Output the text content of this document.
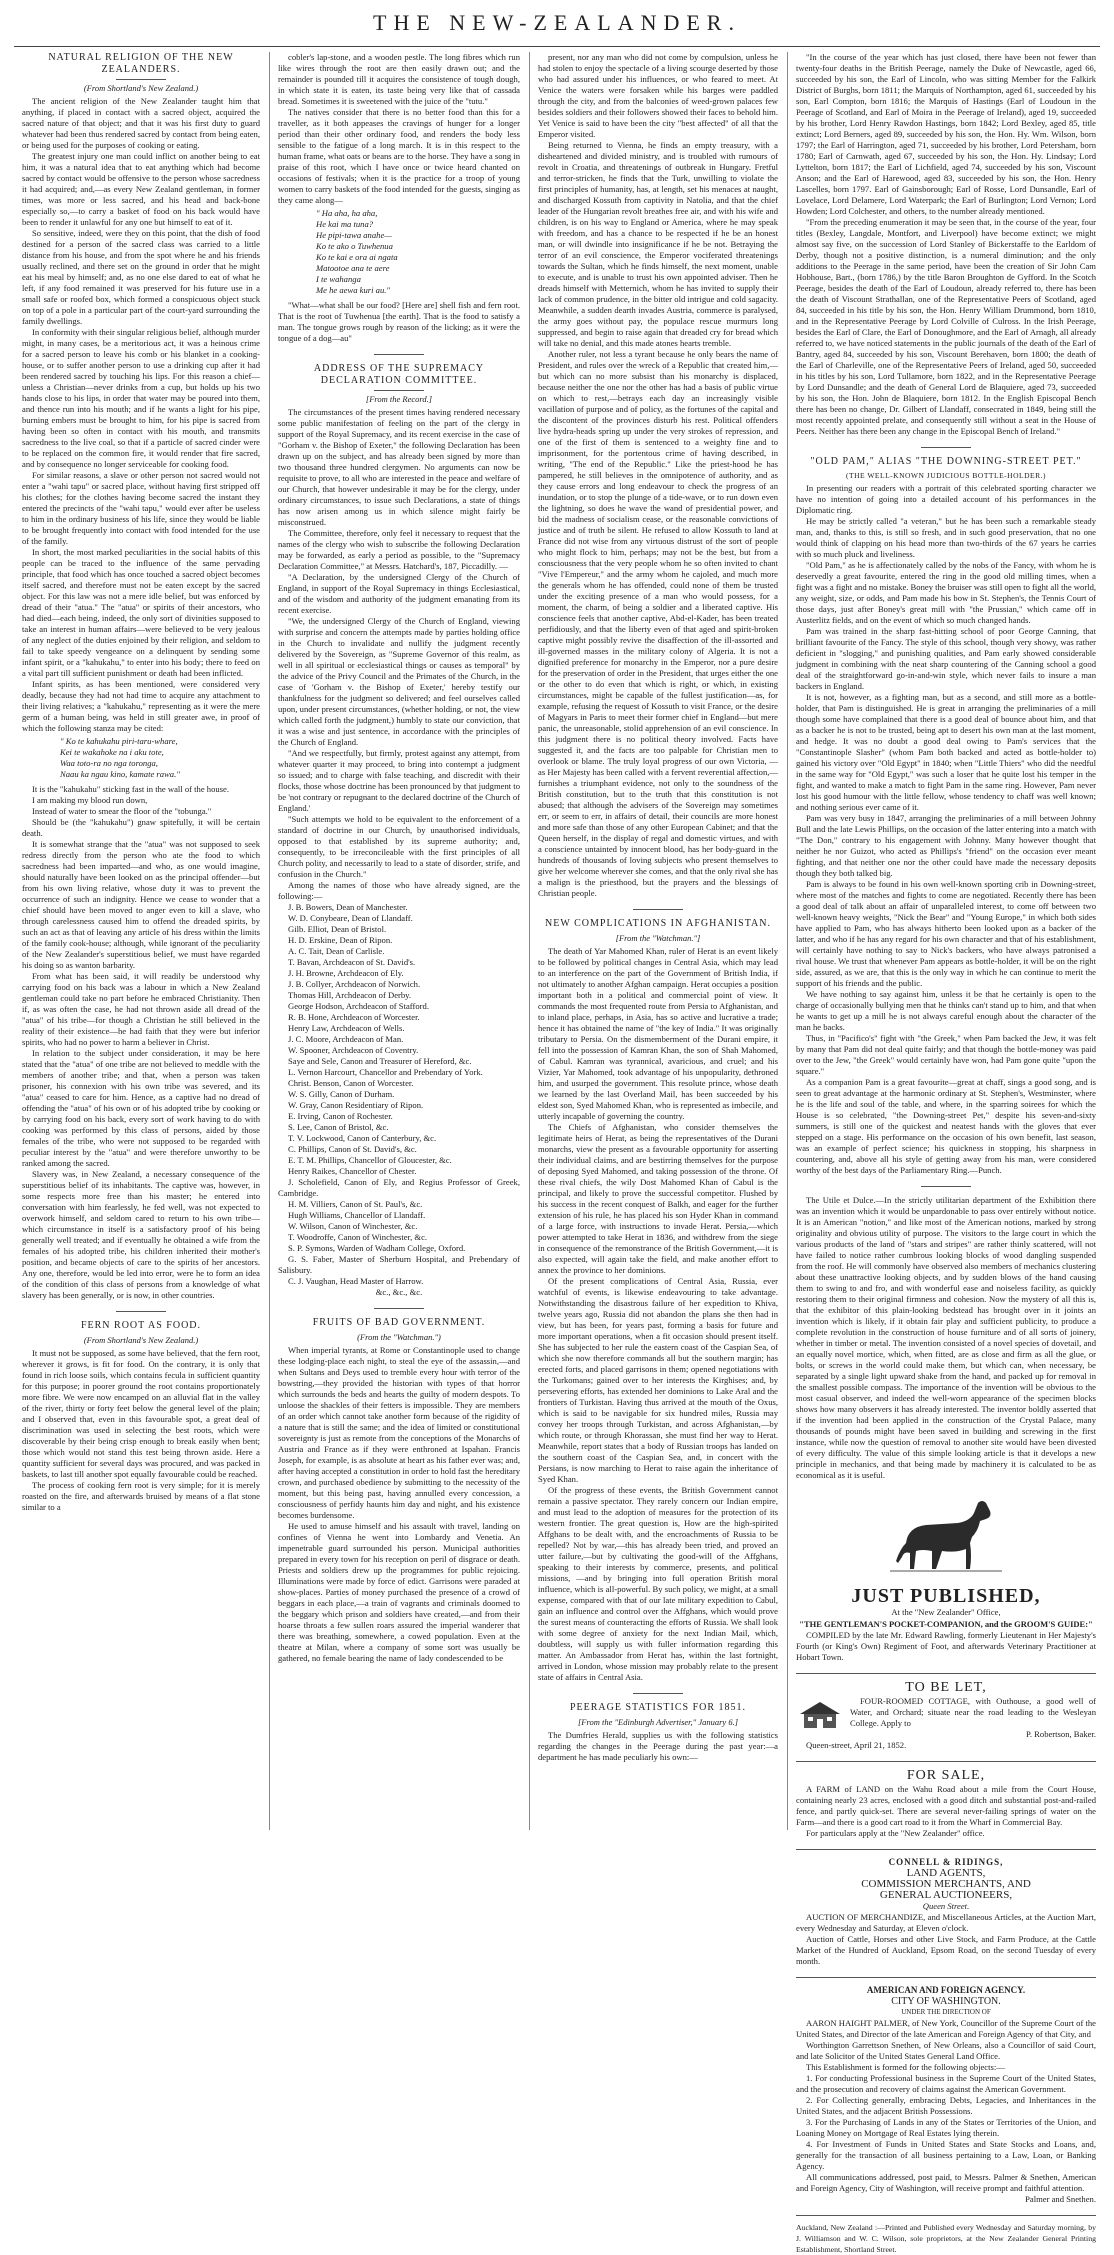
THE NEW-ZEALANDER.
NATURAL RELIGION OF THE NEW ZEALANDERS.
(From Shortland's New Zealand.)
The ancient religion of the New Zealander taught him that anything, if placed in contact with a sacred object, acquired the sacred nature of that object; and that it was his first duty to guard whatever had been thus rendered sacred by contact from being eaten, or being used for the purposes of cooking or eating.
The greatest injury one man could inflict on another being to eat him, it was a natural idea that to eat anything which had become sacred by contact would be offensive to the person whose sacredness it had acquired; and,—as every New Zealand gentleman, in former times, was more or less sacred, and his head and back-bone especially so,—to carry a basket of food on his back would have been to render it unlawful for any one but himself to eat of it.
So sensitive, indeed, were they on this point, that the dish of food destined for a person of the sacred class was carried to a little distance from his house, and from the spot where he and his friends usually reclined, and there set on the ground in order that he might eat his meal by himself; and, as no one else dared to eat of what he left, if any food remained it was preserved for his future use in a small safe or roofed box, which formed a conspicuous object stuck on top of a pole in a particular part of the court-yard surrounding the family dwellings.
In conformity with their singular religious belief, although murder might, in many cases, be a meritorious act, it was a heinous crime for a sacred person to leave his comb or his blanket in a cooking-house, or to suffer another person to use a drinking cup after it had been rendered sacred by touching his lips. For this reason a chief—unless a Christian—never drinks from a cup, but holds up his two hands close to his lips, in order that water may be poured into them, and thence run into his mouth; and if he wants a light for his pipe, burning embers must be brought to him, for his pipe is sacred from having been so often in contact with his mouth, and transmits sacredness to the live coal, so that if a particle of sacred cinder were to be replaced on the common fire, it would render that fire sacred, and by consequence no longer serviceable for cooking food.
For similar reasons, a slave or other person not sacred would not enter a "wahi tapu" or sacred place, without having first stripped off his clothes; for the clothes having become sacred the instant they entered the precincts of the "wahi tapu," would ever after be useless to him in the ordinary business of his life, since they would be liable to be brought frequently into contact with food intended for the use of the family.
In short, the most marked peculiarities in the social habits of this people can be traced to the influence of the same pervading principle, that food which has once touched a sacred object becomes itself sacred, and therefore must not be eaten except by the sacred object. For this law was not a mere idle belief, but was enforced by dread of their "atua." The "atua" or spirits of their ancestors, who had died—each being, indeed, the only sort of divinities supposed to take an interest in human affairs—were believed to be very jealous of any neglect of the duties enjoined by their religion, and seldom to fail to take speedy vengeance on a delinquent by sending some infant spirit, or a "kahukahu," to enter into his body; there to feed on a vital part till sufficient punishment or death had been inflicted.
Infant spirits, as has been mentioned, were considered very deadly, because they had not had time to acquire any attachment to their living relatives; a "kahukahu," representing as it were the mere germ of a human being, was held in still greater awe, in proof of which the following stanza may be cited:
" Ko te kahukahu piri-taru-whare,
Kei te wakahoke na i aku tote,
Waa toto-ra no nga toronga,
Naau ka ngau kino, kamate rawa."
It is the "kahukahu" sticking fast in the wall of the house.
I am making my blood run down,
Instead of water to smear the floor of the "tobunga."
Should be (the "kahukahu") gnaw spitefully, it will be certain death.
It is somewhat strange that the "atua" was not supposed to seek redress directly from the person who ate the food to which sacredness had been imparted—and who, as one would imagine, should naturally have been looked on as the principal offender—but from his own living relative, whose duty it was to prevent the occurrence of such an indignity. Hence we cease to wonder that a chief should have been moved to anger even to kill a slave, who through carelessness caused him to offend the dreaded spirits, by such an act as that of leaving any article of his dress within the limits of the family cook-house; although, while ignorant of the peculiarity of the New Zealander's superstitious belief, we must have regarded his doing so as wanton barbarity.
From what has been said, it will readily be understood why carrying food on his back was a labour in which a New Zealand gentleman could take no part before he embraced Christianity. Then if, as was often the case, he had not thrown aside all dread of the "atua" of his tribe—for though a Christian he still believed in the reality of their existence—he had faith that they were but inferior spirits, who had no power to harm a believer in Christ.
In relation to the subject under consideration, it may be here stated that the "atua" of one tribe are not believed to meddle with the members of another tribe; and that, when a person was taken prisoner, his connexion with his own tribe was severed, and its "atua" ceased to care for him. Hence, as a captive had no dread of offending the "atua" of his own or of his adopted tribe by cooking or by carrying food on his back, every sort of work having to do with cooking was performed by this class of persons, aided by those females of the tribe, who were not supposed to be regarded with peculiar interest by the "atua" and were therefore unworthy to be ranked among the sacred.
Slavery was, in New Zealand, a necessary consequence of the superstitious belief of its inhabitants. The captive was, however, in some respects more free than his master; he entered into conversation with him fearlessly, he fed well, was not expected to overwork himself, and seldom cared to return to his own tribe—which circumstance in itself is a satisfactory proof of his being generally well treated; and if eventually he obtained a wife from the females of his adopted tribe, his children inherited their mother's position, and became objects of care to the spirits of her ancestors. Any one, therefore, would be led into error, were he to form an idea of the condition of this class of persons from a knowledge of what slavery has been generally, or is now, in other countries.
FERN ROOT AS FOOD.
(From Shortland's New Zealand.)
It must not be supposed, as some have believed, that the fern root, wherever it grows, is fit for food. On the contrary, it is only that found in rich loose soils, which contains fecula in sufficient quantity for this purpose; in poorer ground the root contains proportionately more fibre. We were now encamped on an alluvial flat in the valley of the river, thirty or forty feet below the general level of the plain; and I observed that, even in this favourable spot, a great deal of discrimination was used in selecting the best roots, which were discoverable by their being crisp enough to break easily when bent; those which would not stand this test being thrown aside. Here a quantity sufficient for several days was procured, and was packed in baskets, to last till another spot equally favourable could be reached.
The process of cooking fern root is very simple; for it is merely roasted on the fire, and afterwards bruised by means of a flat stone similar to a
cobler's lap-stone, and a wooden pestle. The long fibres which run like wires through the root are then easily drawn out; and the remainder is pounded till it acquires the consistence of tough dough, in which state it is eaten, its taste being very like that of cassada bread. Sometimes it is sweetened with the juice of the "tutu."
The natives consider that there is no better food than this for a traveller, as it both appeases the cravings of hunger for a longer period than their other ordinary food, and renders the body less sensible to the fatigue of a long march. It is in this respect to the human frame, what oats or beans are to the horse. They have a song in praise of this root, which I have once or twice heard chanted on occasions of festivals; when it is the practice for a troop of young women to carry baskets of the food intended for the guests, singing as they came along—
" Ha aha, ha aha,
He kai ma tuna?
He pipi-tawa anahe—
Ko te ako o Tuwhenua
Ko te kai e ora ai ngata
Matootoe ana te aere
I te wahanga
Me he aewa kuri au."
"What—what shall be our food? [Here are] shell fish and fern root. That is the root of Tuwhenua [the earth]. That is the food to satisfy a man. The tongue grows rough by reason of the licking; as it were the tongue of a dog—au"
ADDRESS OF THE SUPREMACY DECLARATION COMMITTEE.
[From the Record.]
The circumstances of the present times having rendered necessary some public manifestation of feeling on the part of the clergy in support of the Royal Supremacy, and its recent exercise in the case of "Gorham v. the Bishop of Exeter," the following Declaration has been drawn up on the subject, and has already been signed by more than two thousand three hundred clergymen. No arguments can now be requisite to prove, to all who are interested in the peace and welfare of our Church, that however undesirable it may be for the clergy, under ordinary circumstances, to issue such Declarations, a state of things has now arisen among us in which silence might fairly be misconstrued.
The Committee, therefore, only feel it necessary to request that the names of the clergy who wish to subscribe the following Declaration may be forwarded, as early a period as possible, to the "Supremacy Declaration Committee," at Messrs. Hatchard's, 187, Piccadilly. —
"A Declaration, by the undersigned Clergy of the Church of England, in support of the Royal Supremacy in things Ecclesiastical, and of the wisdom and authority of the judgment emanating from its recent exercise.
"We, the undersigned Clergy of the Church of England, viewing with surprise and concern the attempts made by parties holding office in the Church to invalidate and nullify the judgment recently delivered by the Sovereign, as "Supreme Governor of this realm, as well in all spiritual or ecclesiastical things or causes as temporal" by the advice of the Privy Council and the Primates of the Church, in the case of 'Gorham v. the Bishop of Exeter,' hereby testify our thankfulness for the judgment so delivered; and feel ourselves called upon, under present circumstances, (whether holding, or not, the view which called forth the judgment,) humbly to state our conviction, that it was a wise and just sentence, in accordance with the principles of the Church of England.
"And we respectfully, but firmly, protest against any attempt, from whatever quarter it may proceed, to bring into contempt a judgment so issued; and to charge with false teaching, and discredit with their flocks, those whose doctrine has been pronounced by that judgment to be 'not contrary or repugnant to the declared doctrine of the Church of England.'
"Such attempts we hold to be equivalent to the enforcement of a standard of doctrine in our Church, by unauthorised individuals, opposed to that established by its supreme authority; and, consequently, to be irreconcileable with the first principles of all Church polity, and necessarily to lead to a state of disorder, strife, and confusion in the Church."
Among the names of those who have already signed, are the following:—
J. B. Bowers, Dean of Manchester.
W. D. Conybeare, Dean of Llandaff.
Gilb. Elliot, Dean of Bristol.
H. D. Erskine, Dean of Ripon.
A. C. Tait, Dean of Carlisle.
T. Bavan, Archdeacon of St. David's.
J. H. Browne, Archdeacon of Ely.
J. B. Collyer, Archdeacon of Norwich.
Thomas Hill, Archdeacon of Derby.
George Hodson, Archdeacon of Stafford.
R. B. Hone, Archdeacon of Worcester.
Henry Law, Archdeacon of Wells.
J. C. Moore, Archdeacon of Man.
W. Spooner, Archdeacon of Coventry.
Saye and Sele, Canon and Treasurer of Hereford, &c.
L. Vernon Harcourt, Chancellor and Prebendary of York.
Christ. Benson, Canon of Worcester.
W. S. Gilly, Canon of Durham.
W. Gray, Canon Residentiary of Ripon.
E. Irving, Canon of Rochester.
S. Lee, Canon of Bristol, &c.
T. V. Lockwood, Canon of Canterbury, &c.
C. Phillips, Canon of St. David's, &c.
E. T. M. Phillips, Chancellor of Gloucester, &c.
Henry Raikes, Chancellor of Chester.
J. Scholefield, Canon of Ely, and Regius Professor of Greek, Cambridge.
H. M. Villiers, Canon of St. Paul's, &c.
Hugh Williams, Chancellor of Llandaff.
W. Wilson, Canon of Winchester, &c.
T. Woodroffe, Canon of Winchester, &c.
S. P. Symons, Warden of Wadham College, Oxford.
G. S. Faber, Master of Sherburn Hospital, and Prebendary of Salisbury.
C. J. Vaughan, Head Master of Harrow.
&c., &c., &c.
FRUITS OF BAD GOVERNMENT.
(From the "Watchman.")
When imperial tyrants, at Rome or Constantinople used to change these lodging-place each night, to steal the eye of the assassin,—and when Sultans and Deys used to tremble every hour with terror of the bowstring,—they provided the historian with types of that horror which surrounds the beds and hearts the guilty of modern despots. To unloose the shackles of their fetters is impossible. They are members of an order which cannot take another form because of the rigidity of a nature that is still the same; and the idea of limited or constitutional sovereignty is just as remote from the conceptions of the Monarchs of Austria and France as if they were enthroned at Ispahan. Francis Joseph, for example, is as absolute at heart as his father ever was; and, after having accepted a constitution in order to hold fast the hereditary crown, and purchased obedience by submitting to the necessity of the moment, but this being past, having annulled every concession, a consciousness of perfidy haunts him day and night, and his existence becomes burdensome.
He used to amuse himself and his assault with travel, landing on confines of Vienna he went into Lombardy and Venetia. An impenetrable guard surrounded his person. Municipal authorities prepared in every town for his reception on peril of disgrace or death. Priests and soldiers drew up the programmes for public rejoicing. Illuminations were made by force of edict. Garrisons were paraded at show-places. Parties of money purchased the presence of a crowd of beggars in each place,—a train of vagrants and criminals doomed to the beggary which prison and soldiers have created,—and from their hoarse throats a few sullen roars assured the imperial wanderer that there was breathing, somewhere, a cowed population. Even at the theatre at Milan, where a company of some sort was usually be gathered, no female bearing the name of lady condescended to be
present, nor any man who did not come by compulsion, unless he had stolen to enjoy the spectacle of a living scourge deserted by those who had assured under his influences, or who feared to meet. At Venice the waters were forsaken while his barges were paddled through the city, and from the balconies of weed-grown palaces few besides soldiers and their followers showed their faces to behold him. Yet Venice is said to have been the city "best affected" of all that the Emperor visited.
Being returned to Vienna, he finds an empty treasury, with a disheartened and divided ministry, and is troubled with rumours of revolt in Croatia, and threatenings of outbreak in Hungary. Fretful and terror-stricken, he finds that the Turk, unwilling to violate the first principles of humanity, has, at length, set his menaces at naught, and discharged Kossuth from captivity in Natolia, and that the chief leader of the Hungarian revolt breathes free air, and with his wife and children, is on his way to England or America, where he may speak with freedom, and has a chance to be respected if he be an honest man, or will dwindle into insignificance if he be not. Betraying the terror of an evil conscience, the Emperor vociferated threatenings towards the Sultan, which he finds himself, the next moment, unable to execute, and is unable to trust his own appointed adviser. Then he dreads himself with Metternich, whom he has invited to supply their lack of common prudence, in the bitter old intrigue and cold sagacity. Meanwhile, a sudden dearth invades Austria, commerce is paralysed, the army goes without pay, the populace rescue murmurs long suppressed, and begin to raise again that dreaded cry for bread which will take no denial, and this made atones hearts tremble.
Another ruler, not less a tyrant because he only bears the name of President, and rules over the wreck of a Republic that created him,—but which can no more subsist than his monarchy is displaced, because neither the one nor the other has had a basis of public virtue on which to rest,—betrays each day an increasingly visible vacillation of purpose and of policy, as the fortunes of the capital and the discontent of the provinces disturb his rest. Political offenders live hydra-heads spring up under the very strokes of repression, and one of the first of them is sentenced to a weighty fine and to imprisonment, for the portentous crime of having described, in writing, "The end of the Republic." Like the priest-hood he has pampered, he still believes in the omnipotence of authority, and as they cause errors and long endeavour to check the progress of an inundation, or to stop the plunge of a tide-wave, or to run down even the lightning, so does he wave the wand of presidential power, and bid the madness of socialism cease, or the reasonable convictions of justice and of truth be silent. He refused to allow Kossuth to land at France did not wise from any virtuous distrust of the sort of people who might flock to him, perhaps; may not be the best, but from a consciousness that the very people whom he so often invited to chant "Vive l'Empereur," and the army whom he cajoled, and much more the generals whom he has offended, could none of them be trusted under the exciting presence of a man who would possess, for a moment, the charm, of being a soldier and a liberated captive. His conscience feels that another captive, Abd-el-Kader, has been treated perfidiously, and that the liberty even of that aged and spirit-broken captive might possibly revive the disaffection of the ill-assorted and ill-governed masses in the military colony of Algeria. It is not a dignified preference for monarchy in the Emperor, nor a pure desire for the preservation of order in the President, that urges either the one or the other to do even that which is right, or which, in existing circumstances, might be capable of the fullest justification—as, for example, refusing the request of Kossuth to visit France, or the desire of Magyars in Paris to meet their former chief in England—but mere panic, the unreasonable, stolid apprehension of an evil conscience. In this judgment there is no political theory involved. Facts have suggested it, and the facts are too palpable for Christian men to overlook or blame. The truly loyal progress of our own Victoria, — as Her Majesty has been called with a fervent reverential affection,—furnishes a triumphant evidence, not only to the soundness of the British constitution, but to the truth that this constitution is not abused; that although the advisers of the Sovereign may sometimes err, or seem to err, in affairs of detail, their councils are more honest and more safe than those of any other European Cabinet; and that the Queen herself, in the display of regal and domestic virtues, and with a conscience untainted by innocent blood, has her body-guard in the hundreds of thousands of loving subjects who present themselves to give her welcome wherever she comes, and that the only rival she has a malign is the priesthood, but the prayers and the blessings of Christian people.
NEW COMPLICATIONS IN AFGHANISTAN.
[From the "Watchman."]
The death of Yar Mahomed Khan, ruler of Herat is an event likely to be followed by political changes in Central Asia, which may lead to an interference on the part of the Government of British India, if not ultimately to another Afghan campaign. Herat occupies a position important both in a political and commercial point of view. It commands the most frequented route from Persia to Afghanistan, and to inland place, perhaps, in Asia, has so active and lucrative a trade; hence it has obtained the name of "the key of India." It was originally tributary to Persia. On the dismemberment of the Durani empire, it fell into the possession of Kamran Khan, the son of Shah Mahomed, of Cabul. Kamran was tyrannical, avaricious, and cruel; and his Vizier, Yar Mahomed, took advantage of his unpopularity, dethroned him, and usurped the government. This resolute prince, whose death we learned by the last Overland Mail, has been succeeded by his eldest son, Syed Mahomed Khan, who is represented as imbecile, and utterly incapable of governing the country.
The Chiefs of Afghanistan, who consider themselves the legitimate heirs of Herat, as being the representatives of the Durani monarchs, view the present as a favourable opportunity for asserting their individual claims, and are bestirring themselves for the purpose of deposing Syed Mahomed, and taking possession of the throne. Of these rival chiefs, the wily Dost Mahomed Khan of Cabul is the principal, and likely to prove the successful competitor. Flushed by his success in the recent conquest of Balkh, and eager for the further extension of his rule, he has placed his son Hyder Khan in command of a large force, with instructions to invade Herat. Persia,—which power attempted to take Herat in 1836, and withdrew from the siege in consequence of the remonstrance of the British Government,—it is also expected, will again take the field, and make another effort to annex the province to her dominions.
Of the present complications of Central Asia, Russia, ever watchful of events, is likewise endeavouring to take advantage. Notwithstanding the disastrous failure of her expedition to Khiva, twelve years ago, Russia did not abandon the plans she then had in view, but has been, for years past, forming a basis for future and more important operations, when a fit occasion should present itself. She has subjected to her rule the eastern coast of the Caspian Sea, of which she now therefore commands all but the southern margin; has erected forts, and placed garrisons in them; opened negotiations with the Turkomans; gained over to her interests the Kirghises; and, by persevering efforts, has extended her dominions to Lake Aral and the frontiers of Turkistan. Having thus arrived at the mouth of the Oxus, which is said to be navigable for six hundred miles, Russia may convey her troops through Turkistan, and across Afghanistan,—by which route, or through Khorassan, she must find her way to Herat. Meanwhile, report states that a body of Russian troops has landed on the southern coast of the Caspian Sea, and, in concert with the Persians, is now marching to Herat to raise again the inheritance of Syed Khan.
Of the progress of these events, the British Government cannot remain a passive spectator. They rarely concern our Indian empire, and must lead to the adoption of measures for the protection of its western frontier. The great question is, How are the high-spirited Affghans to be dealt with, and the encroachments of Russia to be repelled? Not by war,—this has already been tried, and proved an utter failure,—but by cultivating the good-will of the Affghans, speaking to their interests by commerce, presents, and political missions, —and by bringing into full operation British moral influence, which is all-powerful. By such policy, we might, at a small expense, compared with that of our late military expedition to Cabul, gain an influence and control over the Affghans, which would prove the surest means of counteracting the efforts of Russia. We shall look with some degree of anxiety for the next Indian Mail, which, doubtless, will supply us with fuller information regarding this matter. An Ambassador from Herat has, within the last fortnight, arrived in London, whose mission may probably relate to the present state of affairs in Central Asia.
PEERAGE STATISTICS FOR 1851.
[From the "Edinburgh Advertiser," January 6.]
The Dumfries Herald, supplies us with the following statistics regarding the changes in the Peerage during the past year:—a department he has made peculiarly his own:—
"In the course of the year which has just closed, there have been not fewer than twenty-four deaths in the British Peerage, namely the Duke of Newcastle, aged 66, succeeded by his son, the Earl of Lincoln, who was sitting Member for the Falkirk District of Burghs, born 1811; the Marquis of Northampton, aged 61, succeeded by his son, Earl Compton, born 1816; the Marquis of Hastings (Earl of Loudoun in the Peerage of Scotland, and Earl of Moira in the Peerage of Ireland), aged 19, succeeded by his brother, Lord Henry Rawdon Hastings, born 1842; Lord Bexley, aged 85, title extinct; Lord Berners, aged 89, succeeded by his son, the Hon. Hy. Wm. Wilson, born 1797; the Earl of Harrington, aged 71, succeeded by his brother, Lord Petersham, born 1780; Earl of Carnwath, aged 67, succeeded by his son, the Hon. Hy. Lindsay; Lord Lyttelton, born 1817; the Earl of Lichfield, aged 74, succeeded by his son, Viscount Anson; and the Earl of Harewood, aged 83, succeeded by his son, the Hon. Henry Lascelles, born 1797. Earl of Gainsborough; Earl of Rosse, Lord Dunsandle, Earl of Lovelace, Lord Delamere, Lord Waterpark; the Earl of Burlington; Lord Vernon; Lord Howden; Lord Colchester, and others, to the number already mentioned.
"From the preceding enumeration it may be seen that, in the course of the year, four titles (Bexley, Langdale, Montfort, and Liverpool) have become extinct; we might almost say five, on the succession of Lord Stanley of Bickerstaffe to the Earldom of Derby, though not a positive distinction, is a numeral diminution; and the only additions to the Peerage in the same period, have been the creation of Sir John Cam Hobhouse, Bart., (born 1786,) by the title Baron Broughton de Gyfford. In the Scotch Peerage, besides the death of the Earl of Loudoun, already referred to, there has been the death of Viscount Strathallan, one of the Representative Peers of Scotland, aged 84, succeeded in his title by his son, the Hon. Henry William Drummond, born 1810, and in the Representative Peerage by Lord Colville of Culross. In the Irish Peerage, besides the Earl of Clare, the Earl of Donoughmore, and the Earl of Arnagh, all already referred to, we have noticed statements in the public journals of the death of the Earl of Bantry, aged 84, succeeded by his son, Viscount Berehaven, born 1800; the death of the Earl of Charleville, one of the Representative Peers of Ireland, aged 50, succeeded in his titles by his son, Lord Tullamore, born 1822, and in the Representative Peerage by Lord Dunsandle; and the death of General Lord de Blaquiere, aged 73, succeeded by his son, the Hon. John de Blaquiere, born 1812. In the English Episcopal Bench there has been no change, Dr. Gilbert of Llandaff, consecrated in 1849, being still the most recently appointed prelate, and consequently still without a seat in the House of Peers. Neither has there been any change in the Episcopal Bench of Ireland."
"OLD PAM," ALIAS "THE DOWNING-STREET PET."
(THE WELL-KNOWN JUDICIOUS BOTTLE-HOLDER.)
In presenting our readers with a portrait of this celebrated sporting character we have no intention of going into a detailed account of his performances in the Diplomatic ring.
He may be strictly called "a veteran," but he has been such a remarkable steady man, and, thanks to this, is still so fresh, and in such good preservation, that no one would think of clapping on his head more than two-thirds of the 67 years he carries with so much pluck and liveliness.
"Old Pam," as he is affectionately called by the nobs of the Fancy, with whom he is deservedly a great favourite, entered the ring in the good old milling times, when a fight was a fight and no mistake. Boney the bruiser was still open to fight all the world, any weight, size, or odds, and Pam made his bow in St. Stephen's, the Tennis Court of those days, just after Boney's great mill with "the Prussian," which came off in Austerlitz fields, and on the event of which so much changed hands.
Pam was trained in the sharp fast-hitting school of poor George Canning, that brilliant favourite of the Fancy. The style of this school, though very showy, was rather deficient in "slogging," and punishing qualities, and Pam early showed considerable judgment in combining with the neat sharp countering of the Canning school a good deal of the straightforward go-in-and-win style, which never fails to insure a man backers in England.
It is not, however, as a fighting man, but as a second, and still more as a bottle-holder, that Pam is distinguished. He is great in arranging the preliminaries of a mill though some have complained that there is a good deal of bounce about him, and that as a backer he is not to be trusted, being apt to desert his own man at the last moment, and hedge. It was no doubt a good deal owing to Pam's services that the "Constantinople Slasher" (whom Pam both backed and acted as bottle-holder to) gained his victory over "Old Egypt" in 1840; when "Little Thiers" who did the needful in the same way for "Old Egypt," was such a loser that he quite lost his temper in the fight, and wanted to make a match to fight Pam in the same ring. However, Pam never lost his good humour with the little fellow, whose tendency to chaff was well known; and nothing serious ever came of it.
Pam was very busy in 1847, arranging the preliminaries of a mill between Johnny Bull and the late Lewis Phillips, on the occasion of the latter entering into a match with "The Don," contrary to his engagement with Johnny. Many however thought that neither he nor Guizot, who acted as Phillips's "friend" on the occasion ever meant fighting, and that neither one nor the other could have made the necessary deposits though they both talked big.
Pam is always to be found in his own well-known sporting crib in Downing-street, where most of the matches and fights to come are negotiated. Recently there has been a good deal of talk about an affair of unparalleled interest, to come off between two well-known heavy weights, "Nick the Bear" and "Young Europe," in which both sides have applied to Pam, who has always hitherto been looked upon as a backer of the latter, and who if he has any regard for his own character and that of his establishment, will certainly have nothing to say to Nick's backers, who have always patronised a rival house. We trust that whenever Pam appears as bottle-holder, it will be on the right side, assured, as we are, that this is the only way in which he can continue to merit the support of his friends and the public.
We have nothing to say against him, unless it be that he certainly is open to the charge of occasionally bullying men that he thinks can't stand up to him, and that when he wants to get up a mill he is not always careful enough about the character of the man he backs.
Thus, in "Pacifico's" fight with "the Greek," when Pam backed the Jew, it was felt by many that Pam did not deal quite fairly; and that though the bottle-money was paid over to the Jew, "the Greek" would certainly have won, had Pam gone quite "upon the square."
As a companion Pam is a great favourite—great at chaff, sings a good song, and is seen to great advantage at the harmonic ordinary at St. Stephen's, Westminster, where he is the life and soul of the table, and where, in the sparring soirees for which the House is so celebrated, "the Downing-street Pet," despite his seven-and-sixty summers, is still one of the quickest and neatest hands with the gloves that ever stepped on a stage. His performance on the occasion of his own benefit, last season, was an example of perfect science; his quickness in stopping, his sharpness in countering, and, above all his style of getting away from his man, were considered worthy of the best days of the Parliamentary Ring.—Punch.
The Utile et Dulce.—In the strictly utilitarian department of the Exhibition there was an invention which it would be unpardonable to pass over entirely without notice. It is an American "notion," and like most of the American notions, marked by strong originality and obvious utility of purpose. The visitors to the large court in which the various products of the land of "stars and stripes" are rather thinly scattered, will not have failed to notice rather cumbrous looking blocks of wood dangling suspended from the roof. He will commonly have observed also members of mechanics clustering about these unattractive looking objects, and by sudden blows of the hand causing them to swing to and fro, and with wonderful ease and noiseless facility, as quickly restoring them to their original firmness and cohesion. Now the mystery of all this is, that the exhibitor of this plain-looking bedstead has brought over in it joints an invention which is likely, if it obtain fair play and sufficient publicity, to produce a complete revolution in the construction of house furniture and of all sorts of joinery, whether in timber or metal. The invention consisted of a novel species of dovetail, and an equally novel mortice, which, when fitted, are as close and firm as all the glue, or bolts, or screws in the world could make them, but which can, when necessary, be separated by a single light upward shake from the hand, and packed up for removal in the smallest possible compass. The importance of the invention will be obvious to the most casual observer, and indeed the well-worn appearance of the specimen blocks shows how many observers it has already interested. The inventor boldly asserted that if the invention had been applied in the construction of the Crystal Palace, many thousands of pounds might have been saved in building and screwing in the first instance, while now the question of removal to another site would have been divested of every difficulty. The value of this simple looking article is that it develops a new principle in mechanics, and that being made by machinery it is calculated to be as economical as it is useful.
JUST PUBLISHED,
At the "New Zealander" Office,
"THE GENTLEMAN'S POCKET-COMPANION, and the GROOM'S GUIDE:"
COMPILED by the late Mr. Edward Rawling, formerly Lieutenant in Her Majesty's Fourth (or King's Own) Regiment of Foot, and afterwards Veterinary Practitioner at Hobart Town.
TO BE LET,
FOUR-ROOMED COTTAGE, with Outhouse, a good well of Water, and Orchard; situate near the road leading to the Wesleyan College. Apply to
P. Robertson, Baker.
Queen-street, April 21, 1852.
FOR SALE,
A FARM of LAND on the Wahu Road about a mile from the Court House, containing nearly 23 acres, enclosed with a good ditch and substantial post-and-railed fence, and partly quick-set. There are several never-failing springs of water on the Farm—and there is a good cart road to it from the Wharf in Commercial Bay.
For particulars apply at the "New Zealander" office.
CONNELL & RIDINGS,
LAND AGENTS,
COMMISSION MERCHANTS, AND
GENERAL AUCTIONEERS,
Queen Street.
AUCTION OF MERCHANDIZE, and Miscellaneous Articles, at the Auction Mart, every Wednesday and Saturday, at Eleven o'clock.
Auction of Cattle, Horses and other Live Stock, and Farm Produce, at the Cattle Market of the Hundred of Auckland, Epsom Road, on the second Tuesday of every month.
AMERICAN AND FOREIGN AGENCY.
CITY OF WASHINGTON.
UNDER THE DIRECTION OF
AARON HAIGHT PALMER, of New York, Councillor of the Supreme Court of the United States, and Director of the late American and Foreign Agency of that City, and
Worthington Garrettson Snethen, of New Orleans, also a Councillor of said Court, and late Solicitor of the United States General Land Office.
This Establishment is formed for the following objects:—
1. For conducting Professional business in the Supreme Court of the United States, and the prosecution and recovery of claims against the American Government.
2. For Collecting generally, embracing Debts, Legacies, and Inheritances in the United States, and the adjacent British Possessions.
3. For the Purchasing of Lands in any of the States or Territories of the Union, and Loaning Money on Mortgage of Real Estates lying therein.
4. For Investment of Funds in United States and State Stocks and Loans, and, generally for the transaction of all business pertaining to a Law, Loan, or Banking Agency.
All communications addressed, post paid, to Messrs. Palmer & Snethen, American and Foreign Agency, City of Washington, will receive prompt and faithful attention.
Palmer and Snethen.
Auckland, New Zealand :—Printed and Published every Wednesday and Saturday morning, by J. Williamson and W. C. Wilson, sole proprietors, at the New Zealander General Printing Establishment, Shortland Street.
